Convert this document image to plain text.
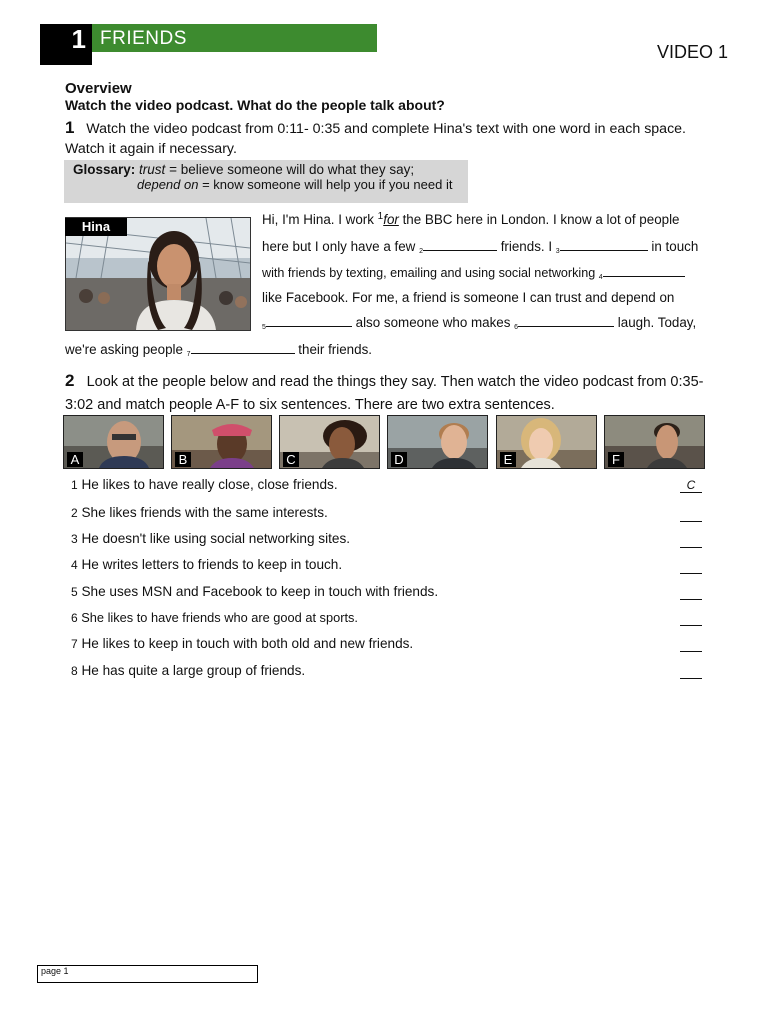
1 FRIENDS
VIDEO 1
Overview
Watch the video podcast. What do the people talk about?
1 Watch the video podcast from 0:11- 0:35 and complete Hina's text with one word in each space. Watch it again if necessary.
Glossary: trust = believe someone will do what they say;
depend on = know someone will help you if you need it
Hina	Hi, I'm Hina. I work $^1$for the BBC here in London. I know a lot of people
here but I only have a few $_2$	friends. I $_3$	in touch
with friends by texting, emailing and using social networking $_4$
like Facebook. For me, a friend is someone I can trust and depend on
$_5$	also someone who makes $_6$	laugh. Today,
we're asking people $_7$	their friends.
2 Look at the people below and read the things they say. Then watch the video podcast from 0:35-3:02 and match people A-F to six sentences. There are two extra sentences.
A	B	C	D	E	F
1 He likes to have really close, close friends.	C
2 She likes friends with the same interests.
3 He doesn't like using social networking sites.
4 He writes letters to friends to keep in touch.
5 She uses MSN and Facebook to keep in touch with friends.
6 She likes to have friends who are good at sports.
7 He likes to keep in touch with both old and new friends.
8 He has quite a large group of friends.
page 1
